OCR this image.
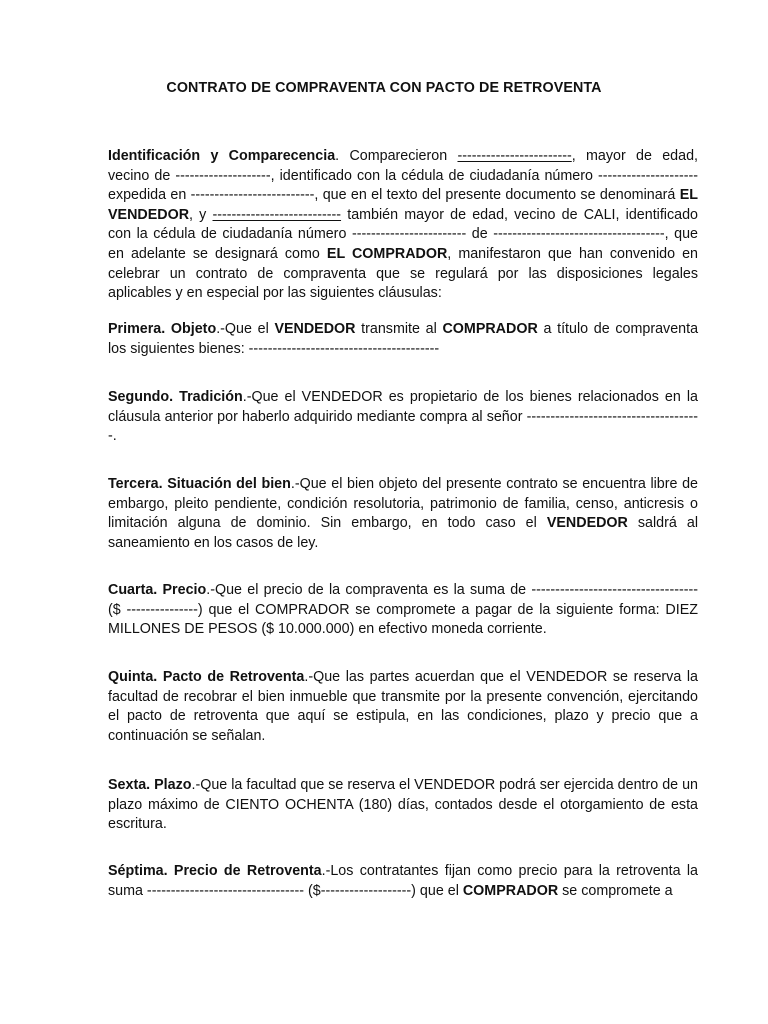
CONTRATO DE COMPRAVENTA CON PACTO DE RETROVENTA

Identificación y Comparecencia. Comparecieron ------------------------, mayor de edad, vecino de --------------------, identificado con la cédula de ciudadanía número --------------------- expedida en --------------------------, que en el texto del presente documento se denominará EL VENDEDOR, y --------------------------- también mayor de edad, vecino de CALI, identificado con la cédula de ciudadanía número ------------------------ de ------------------------------------, que en adelante se designará como EL COMPRADOR, manifestaron que han convenido en celebrar un contrato de compraventa que se regulará por las disposiciones legales aplicables y en especial por las siguientes cláusulas:

Primera. Objeto.-Que el VENDEDOR transmite al COMPRADOR a título de compraventa los siguientes bienes: ----------------------------------------

Segundo. Tradición.-Que el VENDEDOR es propietario de los bienes relacionados en la cláusula anterior por haberlo adquirido mediante compra al señor -------------------------------------.

Tercera. Situación del bien.-Que el bien objeto del presente contrato se encuentra libre de embargo, pleito pendiente, condición resolutoria, patrimonio de familia, censo, anticresis o limitación alguna de dominio. Sin embargo, en todo caso el VENDEDOR saldrá al saneamiento en los casos de ley.

Cuarta. Precio.-Que el precio de la compraventa es la suma de ----------------------------------- ($ ---------------) que el COMPRADOR se compromete a pagar de la siguiente forma: DIEZ MILLONES DE PESOS ($ 10.000.000) en efectivo moneda corriente.

Quinta. Pacto de Retroventa.-Que las partes acuerdan que el VENDEDOR se reserva la facultad de recobrar el bien inmueble que transmite por la presente convención, ejercitando el pacto de retroventa que aquí se estipula, en las condiciones, plazo y precio que a continuación se señalan.

Sexta. Plazo.-Que la facultad que se reserva el VENDEDOR podrá ser ejercida dentro de un plazo máximo de CIENTO OCHENTA (180) días, contados desde el otorgamiento de esta escritura.

Séptima. Precio de Retroventa.-Los contratantes fijan como precio para la retroventa la suma --------------------------------- ($-------------------) que el COMPRADOR se compromete a
